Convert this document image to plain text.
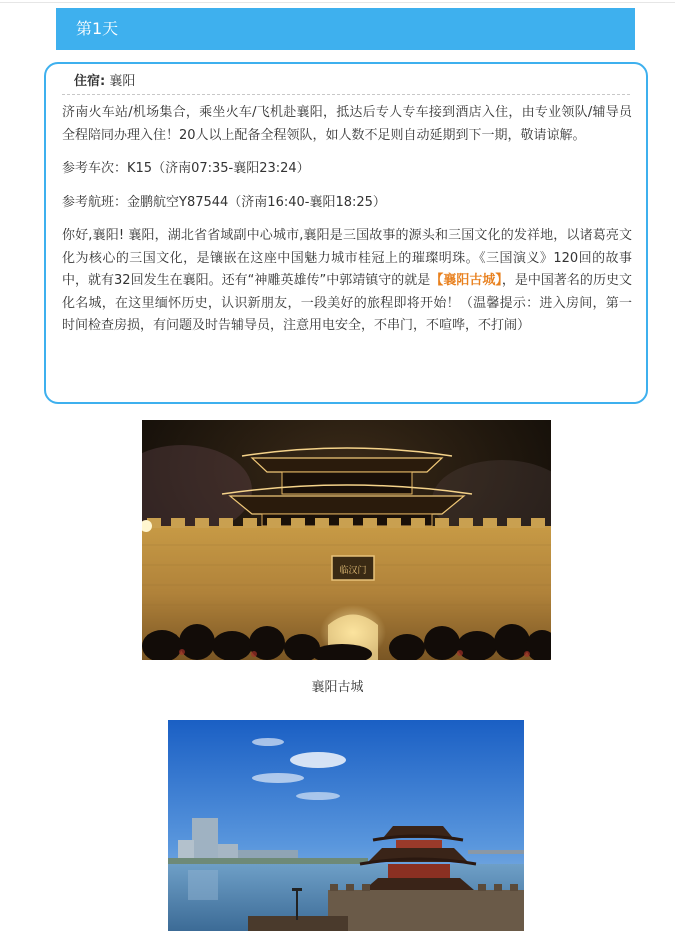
第1天
住宿: 襄阳

济南火车站/机场集合，乘坐火车/飞机赴襄阳，抵达后专人专车接到酒店入住，由专业领队/辅导员全程陪同办理入住！20人以上配备全程领队，如人数不足则自动延期到下一期，敬请谅解。

参考车次：K15（济南07:35-襄阳23:24）

参考航班：金鹏航空Y87544（济南16:40-襄阳18:25）

你好,襄阳! 襄阳，湖北省省域副中心城市,襄阳是三国故事的源头和三国文化的发祥地，以诸葛亮文化为核心的三国文化，是镶嵌在这座中国魅力城市桂冠上的璀璨明珠。《三国演义》120回的故事中，就有32回发生在襄阳。还有“神雕英雄传”中郭靖镇守的就是【襄阳古城】，是中国著名的历史文化名城，在这里缅怀历史，认识新朋友，一段美好的旅程即将开始！（温馨提示：进入房间，第一时间检查房损，有问题及时告辅导员，注意用电安全，不串门，不喧哗，不打闹）

临汉门
襄阳古城
